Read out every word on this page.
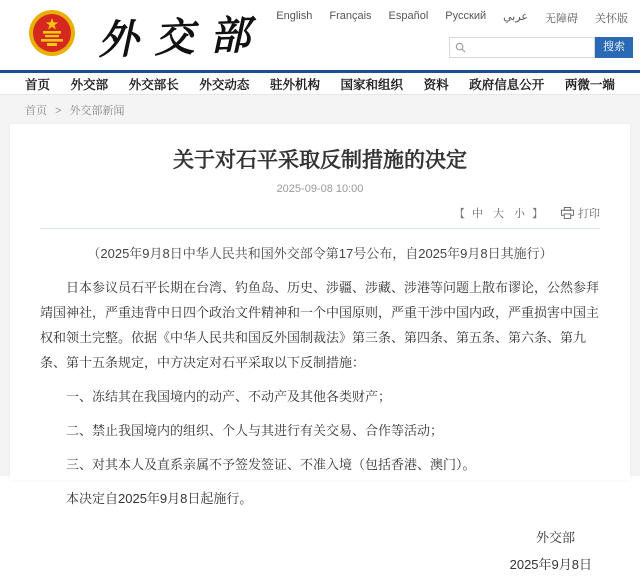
外交部 English Français Español Русский عربي 无障碍 关怀版
搜索
首页 外交部 外交部长 外交动态 驻外机构 国家和组织 资料 政府信息公开 两微一端
首页 > 外交部新闻
关于对石平采取反制措施的决定
2025-09-08 10:00
【 中 大 小 】	打印
（2025年9月8日中华人民共和国外交部令第17号公布，自2025年9月8日其施行）

日本参议员石平长期在台湾、钓鱼岛、历史、涉疆、涉藏、涉港等问题上散布谬论，公然参拜靖国神社，严重违背中日四个政治文件精神和一个中国原则，严重干涉中国内政，严重损害中国主权和领土完整。依据《中华人民共和国反外国制裁法》第三条、第四条、第五条、第六条、第九条、第十五条规定，中方决定对石平采取以下反制措施：

一、冻结其在我国境内的动产、不动产及其他各类财产；

二、禁止我国境内的组织、个人与其进行有关交易、合作等活动；

三、对其本人及直系亲属不予签发签证、不准入境（包括香港、澳门）。

本决定自2025年9月8日起施行。

外交部
2025年9月8日
